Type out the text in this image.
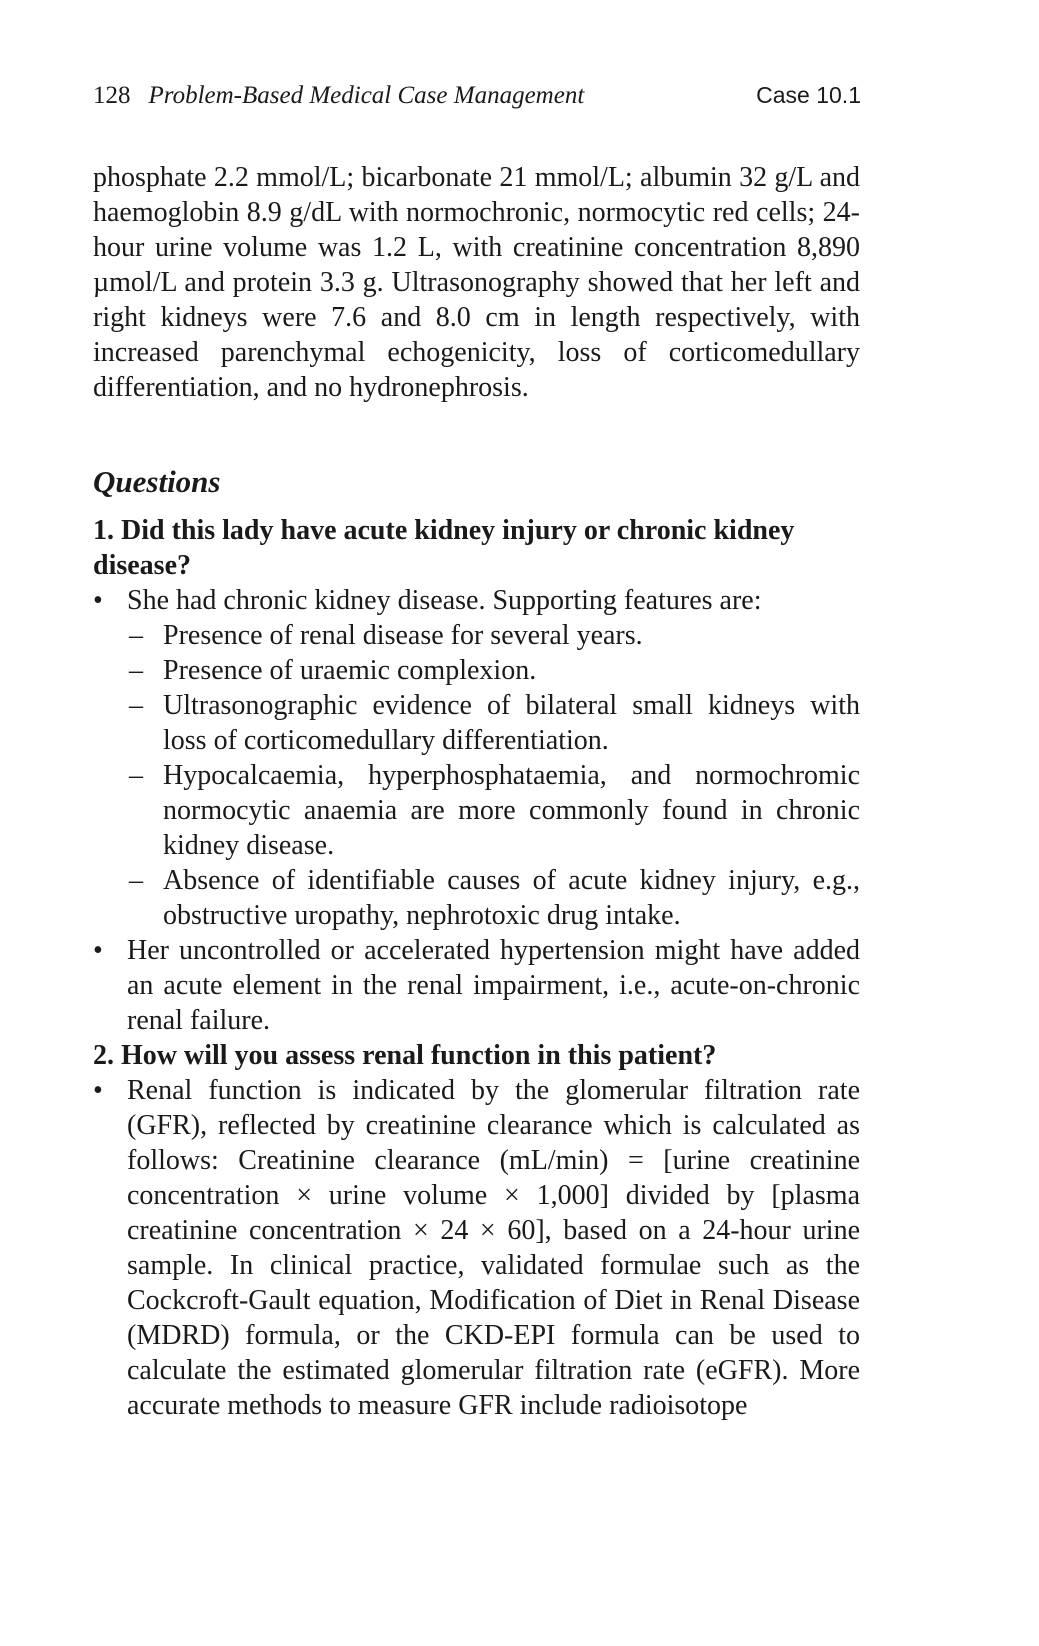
128 Problem-Based Medical Case Management	Case 10.1

phosphate 2.2 mmol/L; bicarbonate 21 mmol/L; albumin 32 g/L and haemoglobin 8.9 g/dL with normochronic, normocytic red cells; 24-hour urine volume was 1.2 L, with creatinine concentration 8,890 µmol/L and protein 3.3 g. Ultrasonography showed that her left and right kidneys were 7.6 and 8.0 cm in length respectively, with increased parenchymal echogenicity, loss of corticomedullary differentiation, and no hydronephrosis.

Questions

1. Did this lady have acute kidney injury or chronic kidney disease?

• She had chronic kidney disease. Supporting features are:
– Presence of renal disease for several years.
– Presence of uraemic complexion.
– Ultrasonographic evidence of bilateral small kidneys with loss of corticomedullary differentiation.
– Hypocalcaemia, hyperphosphataemia, and normochromic normocytic anaemia are more commonly found in chronic kidney disease.
– Absence of identifiable causes of acute kidney injury, e.g., obstructive uropathy, nephrotoxic drug intake.
• Her uncontrolled or accelerated hypertension might have added an acute element in the renal impairment, i.e., acute-on-chronic renal failure.

2. How will you assess renal function in this patient?

• Renal function is indicated by the glomerular filtration rate (GFR), reflected by creatinine clearance which is calculated as follows: Creatinine clearance (mL/min) = [urine creatinine concentration × urine volume × 1,000] divided by [plasma creatinine concentration × 24 × 60], based on a 24-hour urine sample. In clinical practice, validated formulae such as the Cockcroft-Gault equation, Modification of Diet in Renal Disease (MDRD) formula, or the CKD-EPI formula can be used to calculate the estimated glomerular filtration rate (eGFR). More accurate methods to measure GFR include radioisotope
